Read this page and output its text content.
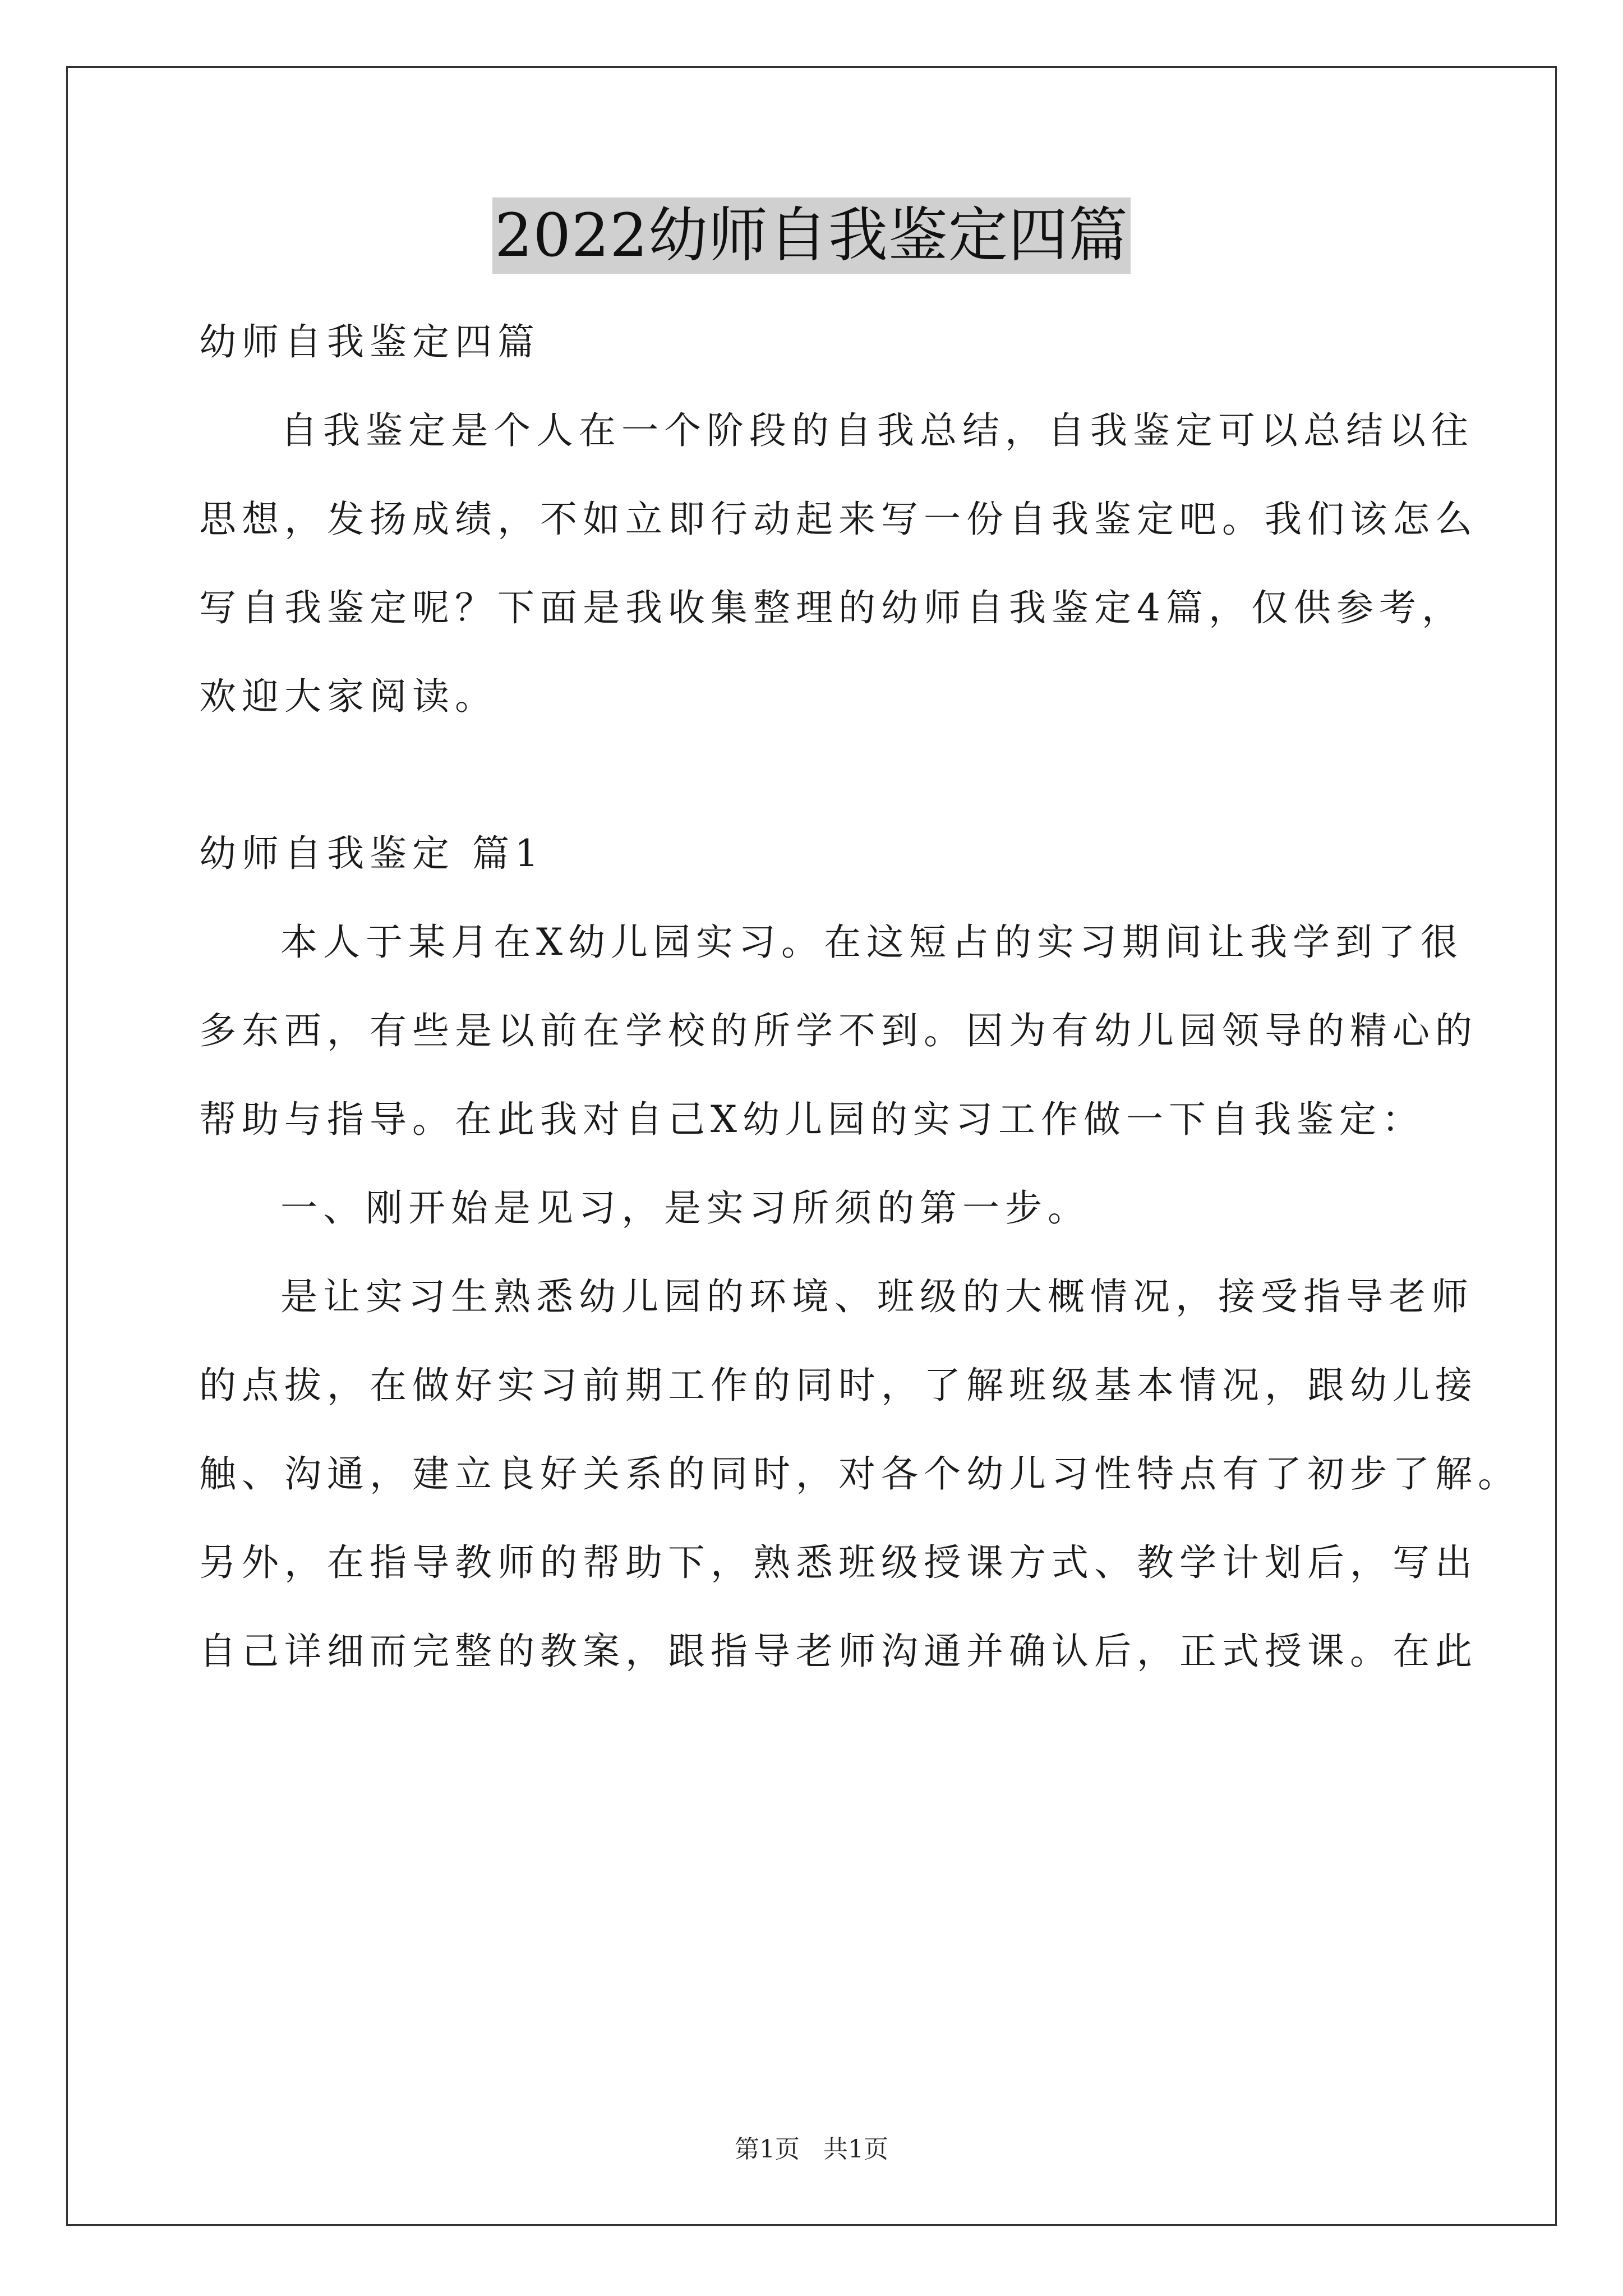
2022幼师自我鉴定四篇
幼师自我鉴定四篇
自我鉴定是个人在一个阶段的自我总结，自我鉴定可以总结以往
思想，发扬成绩，不如立即行动起来写一份自我鉴定吧。我们该怎么
写自我鉴定呢？下面是我收集整理的幼师自我鉴定4篇，仅供参考，
欢迎大家阅读。
幼师自我鉴定 篇1
本人于某月在X幼儿园实习。在这短占的实习期间让我学到了很
多东西，有些是以前在学校的所学不到。因为有幼儿园领导的精心的
帮助与指导。在此我对自己X幼儿园的实习工作做一下自我鉴定：
一、刚开始是见习，是实习所须的第一步。
是让实习生熟悉幼儿园的环境、班级的大概情况，接受指导老师
的点拔，在做好实习前期工作的同时，了解班级基本情况，跟幼儿接
触、沟通，建立良好关系的同时，对各个幼儿习性特点有了初步了解。
另外，在指导教师的帮助下，熟悉班级授课方式、教学计划后，写出
自己详细而完整的教案，跟指导老师沟通并确认后，正式授课。在此
第1页 共1页
